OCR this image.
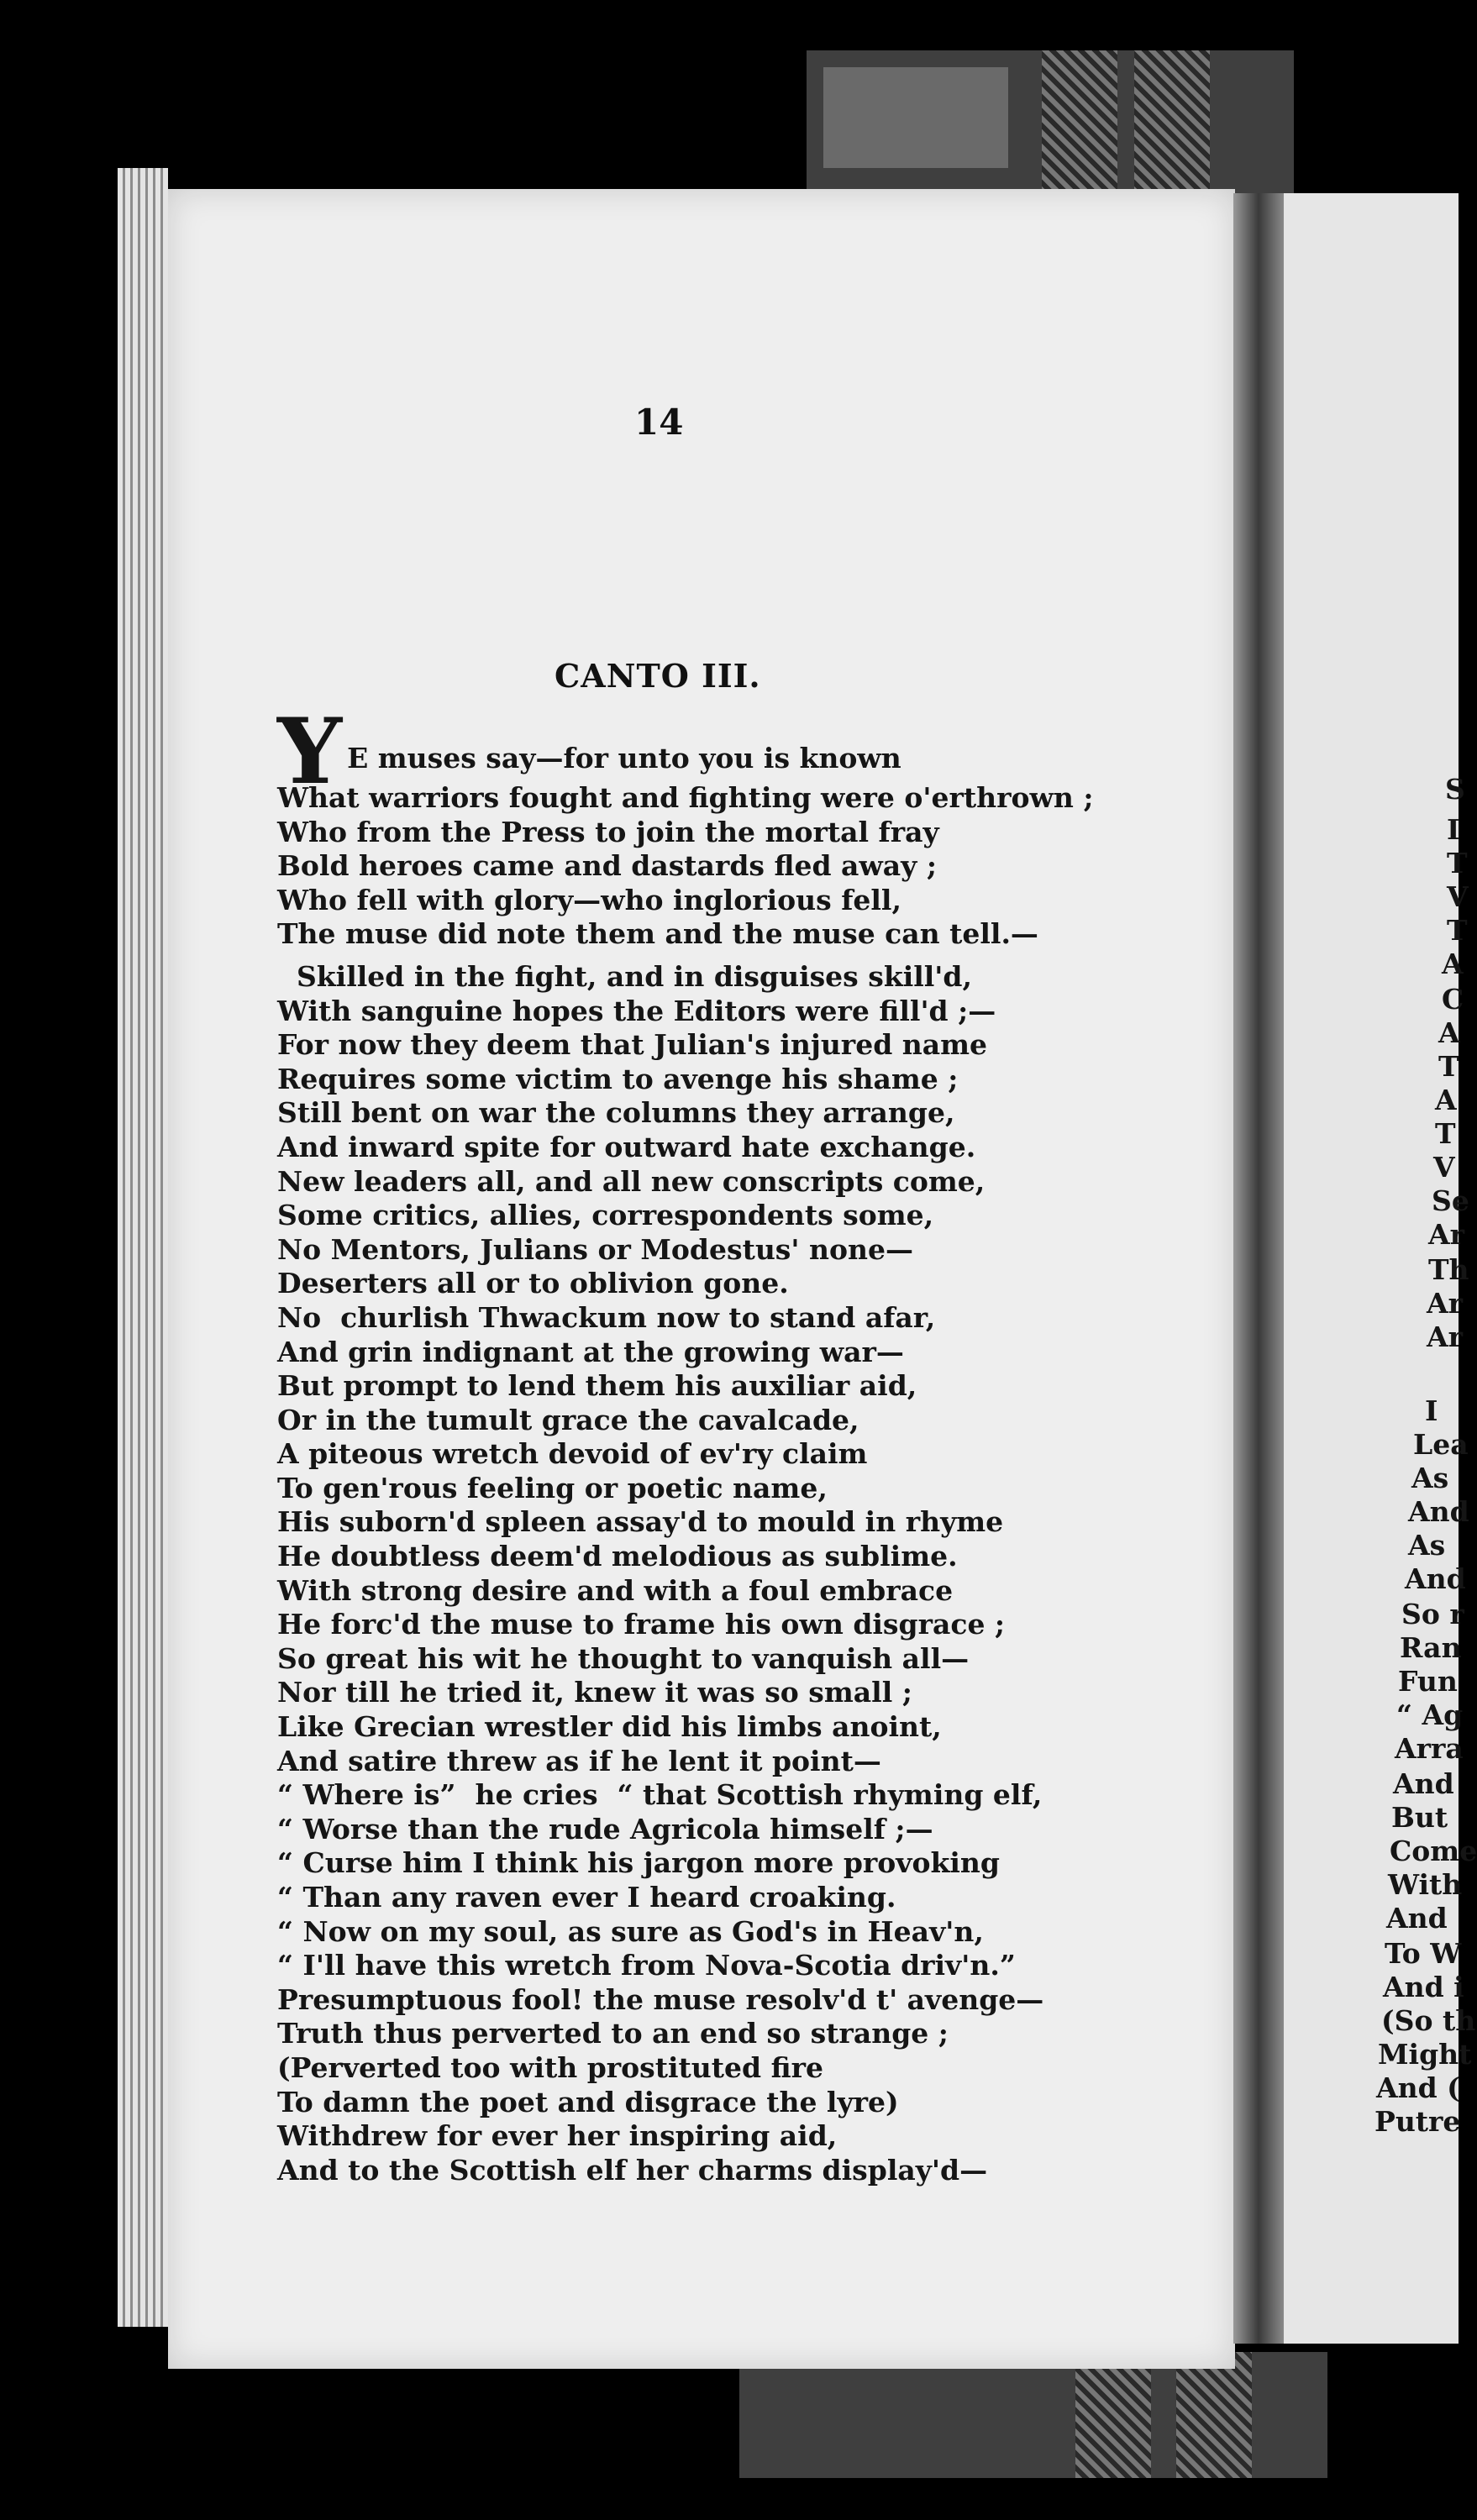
14
CANTO III.
Y E muses say—for unto you is known
What warriors fought and fighting were o'erthrown ;
Who from the Press to join the mortal fray
Bold heroes came and dastards fled away ;
Who fell with glory—who inglorious fell,
The muse did note them and the muse can tell.—
Skilled in the fight, and in disguises skill'd,
With sanguine hopes the Editors were fill'd ;—
For now they deem that Julian's injured name
Requires some victim to avenge his shame ;
Still bent on war the columns they arrange,
And inward spite for outward hate exchange.
New leaders all, and all new conscripts come,
Some critics, allies, correspondents some,
No Mentors, Julians or Modestus' none—
Deserters all or to oblivion gone.
No  churlish Thwackum now to stand afar,
And grin indignant at the growing war—
But prompt to lend them his auxiliar aid,
Or in the tumult grace the cavalcade,
A piteous wretch devoid of ev'ry claim
To gen'rous feeling or poetic name,
His suborn'd spleen assay'd to mould in rhyme
He doubtless deem'd melodious as sublime.
With strong desire and with a foul embrace
He forc'd the muse to frame his own disgrace ;
So great his wit he thought to vanquish all—
Nor till he tried it, knew it was so small ;
Like Grecian wrestler did his limbs anoint,
And satire threw as if he lent it point—
“ Where is”  he cries  “ that Scottish rhyming elf,
“ Worse than the rude Agricola himself ;—
“ Curse him I think his jargon more provoking
“ Than any raven ever I heard croaking.
“ Now on my soul, as sure as God's in Heav'n,
“ I'll have this wretch from Nova-Scotia driv'n.”
Presumptuous fool! the muse resolv'd t' avenge—
Truth thus perverted to an end so strange ;
(Perverted too with prostituted fire
To damn the poet and disgrace the lyre)
Withdrew for ever her inspiring aid,
And to the Scottish elf her charms display'd—
S
I
T
V
T
A
C
A
T
A
T
V
Se
Ar
Th
Ar
Ar
I
Lea
As
And
As
And
So r
Ran
Fun
“ Ag
Arra
And
But
Come
With
And
To W
And i
(So th
Might
And (
Putre
